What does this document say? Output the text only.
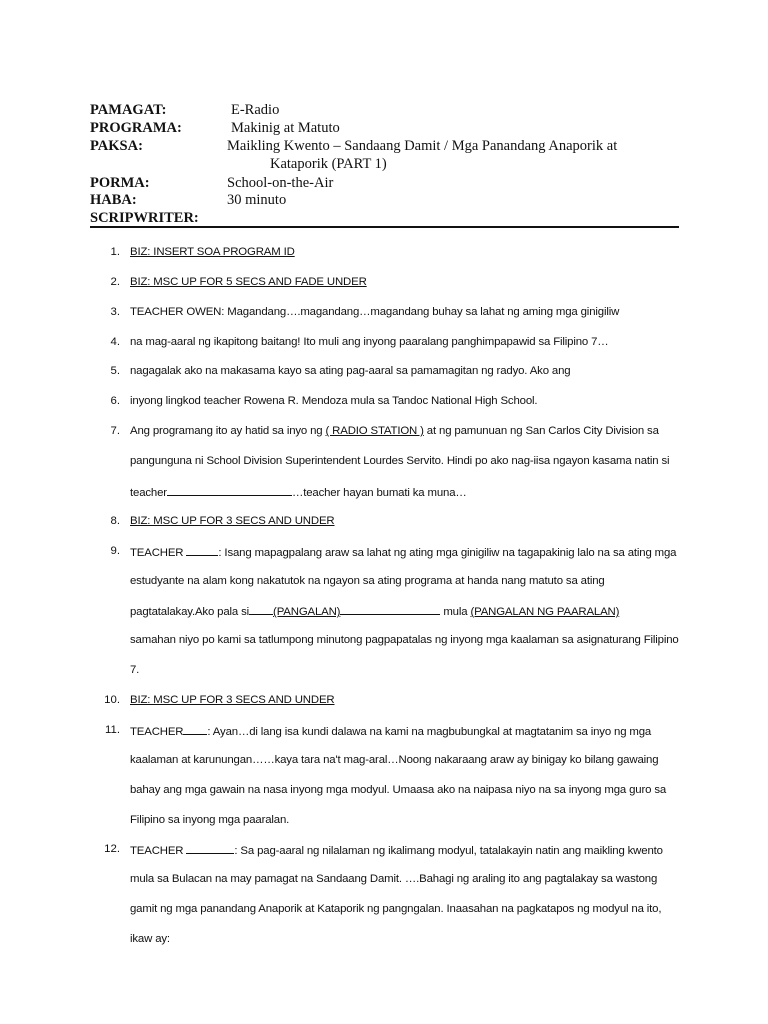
PAMAGAT:	E-Radio
PROGRAMA:	Makinig at Matuto
PAKSA:	Maikling Kwento – Sandaang Damit / Mga Panandang Anaporik at
Kataporik (PART 1)
PORMA:	School-on-the-Air
HABA:	30 minuto
SCRIPWRITER:
1. BIZ: INSERT SOA PROGRAM ID
2. BIZ: MSC UP FOR 5 SECS AND FADE UNDER
3. TEACHER OWEN: Magandang….magandang…magandang buhay sa lahat ng aming mga ginigiliw
4. na mag-aaral ng ikapitong baitang! Ito muli ang inyong paaralang panghimpapawid sa Filipino 7…
5. nagagalak ako na makasama kayo sa ating pag-aaral sa pamamagitan ng radyo. Ako ang
6. inyong lingkod teacher Rowena R. Mendoza mula sa Tandoc National High School.
7. Ang programang ito ay hatid sa inyo ng ( RADIO STATION ) at ng pamunuan ng San Carlos City Division sa
pangunguna ni School Division Superintendent Lourdes Servito. Hindi po ako nag-iisa ngayon kasama natin si
teacher	…teacher hayan bumati ka muna…
8. BIZ: MSC UP FOR 3 SECS AND UNDER
9. TEACHER	: Isang mapagpalang araw sa lahat ng ating mga ginigiliw na tagapakinig lalo na sa ating mga
estudyante na alam kong nakatutok na ngayon sa ating programa at handa nang matuto sa ating
pagtatalakay.Ako pala si (PANGALAN)	mula (PANGALAN NG PAARALAN)
samahan niyo po kami sa tatlumpong minutong pagpapatalas ng inyong mga kaalaman sa asignaturang Filipino
7.
10. BIZ: MSC UP FOR 3 SECS AND UNDER
11. TEACHER : Ayan…di lang isa kundi dalawa na kami na magbubungkal at magtatanim sa inyo ng mga
kaalaman at karunungan……kaya tara na't mag-aral…Noong nakaraang araw ay binigay ko bilang gawaing
bahay ang mga gawain na nasa inyong mga modyul. Umaasa ako na naipasa niyo na sa inyong mga guro sa
Filipino sa inyong mga paaralan.
12. TEACHER	: Sa pag-aaral ng nilalaman ng ikalimang modyul, tatalakayin natin ang maikling kwento
mula sa Bulacan na may pamagat na Sandaang Damit. ….Bahagi ng araling ito ang pagtalakay sa wastong
gamit ng mga panandang Anaporik at Kataporik ng pangngalan. Inaasahan na pagkatapos ng modyul na ito,
ikaw ay:
